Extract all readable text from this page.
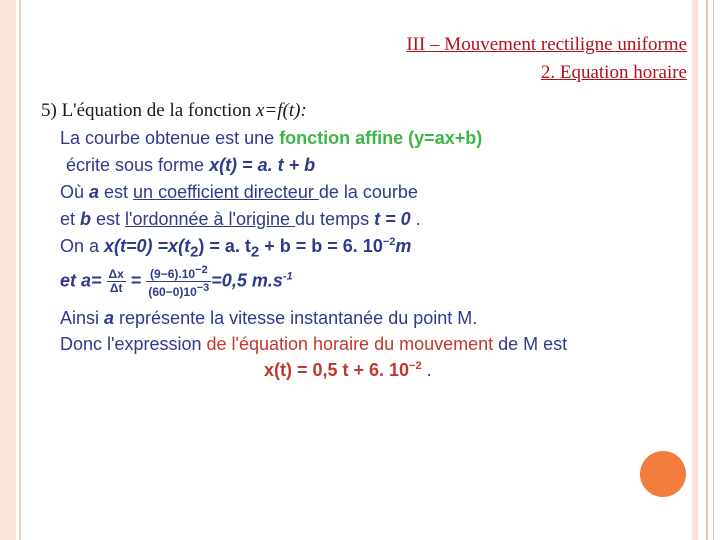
III – Mouvement rectiligne uniforme
2. Equation horaire
5) L'équation de la fonction x=f(t):
La courbe obtenue est une fonction affine (y=ax+b)
écrite sous forme x(t) = a. t + b
Où a est un coefficient directeur de la courbe
et b est l'ordonnée à l'origine du temps t = 0 .
On a $x(t=0) =x(t_2) = a$. $t_2 + b = b = 6$. $10^{-2}m$
et $a= \frac{\Delta x}{\Delta t} = \frac{(9-6).10^{-2}}{(60-0)10^{-3}} =0,5$ $m.s^{-1}$
Ainsi a représente la vitesse instantanée du point M.
Donc l'expression de l'équation horaire du mouvement de M est
x(t) = 0,5 t + 6. $10^{-2}$ .
